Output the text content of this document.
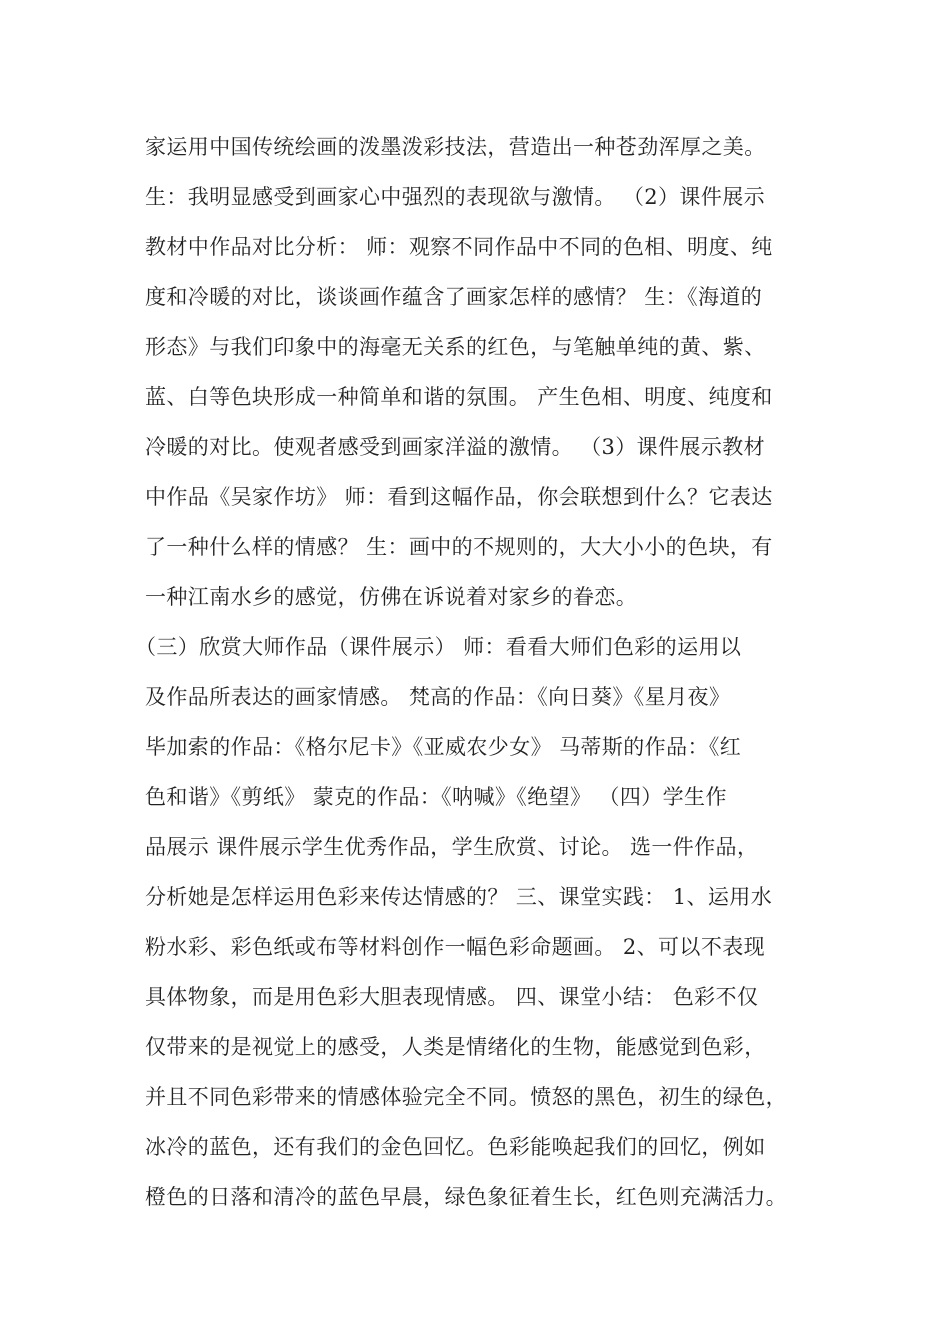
家运用中国传统绘画的泼墨泼彩技法，营造出一种苍劲浑厚之美。
生：我明显感受到画家心中强烈的表现欲与激情。 （2）课件展示
教材中作品对比分析： 师：观察不同作品中不同的色相、明度、纯
度和冷暖的对比，谈谈画作蕴含了画家怎样的感情？ 生：《海道的
形态》与我们印象中的海毫无关系的红色，与笔触单纯的黄、紫、
蓝、白等色块形成一种简单和谐的氛围。 产生色相、明度、纯度和
冷暖的对比。使观者感受到画家洋溢的激情。 （3）课件展示教材
中作品《吴家作坊》 师：看到这幅作品，你会联想到什么？它表达
了一种什么样的情感？ 生：画中的不规则的，大大小小的色块，有
一种江南水乡的感觉，仿佛在诉说着对家乡的眷恋。
（三）欣赏大师作品（课件展示） 师：看看大师们色彩的运用以
及作品所表达的画家情感。 梵高的作品：《向日葵》《星月夜》
毕加索的作品：《格尔尼卡》《亚威农少女》 马蒂斯的作品：《红
色和谐》《剪纸》 蒙克的作品：《呐喊》《绝望》 （四）学生作
品展示 课件展示学生优秀作品，学生欣赏、讨论。 选一件作品，
分析她是怎样运用色彩来传达情感的？ 三、课堂实践： 1、运用水
粉水彩、彩色纸或布等材料创作一幅色彩命题画。 2、可以不表现
具体物象，而是用色彩大胆表现情感。 四、课堂小结： 色彩不仅
仅带来的是视觉上的感受，人类是情绪化的生物，能感觉到色彩，
并且不同色彩带来的情感体验完全不同。愤怒的黑色，初生的绿色，
冰冷的蓝色，还有我们的金色回忆。色彩能唤起我们的回忆，例如
橙色的日落和清冷的蓝色早晨，绿色象征着生长，红色则充满活力。
